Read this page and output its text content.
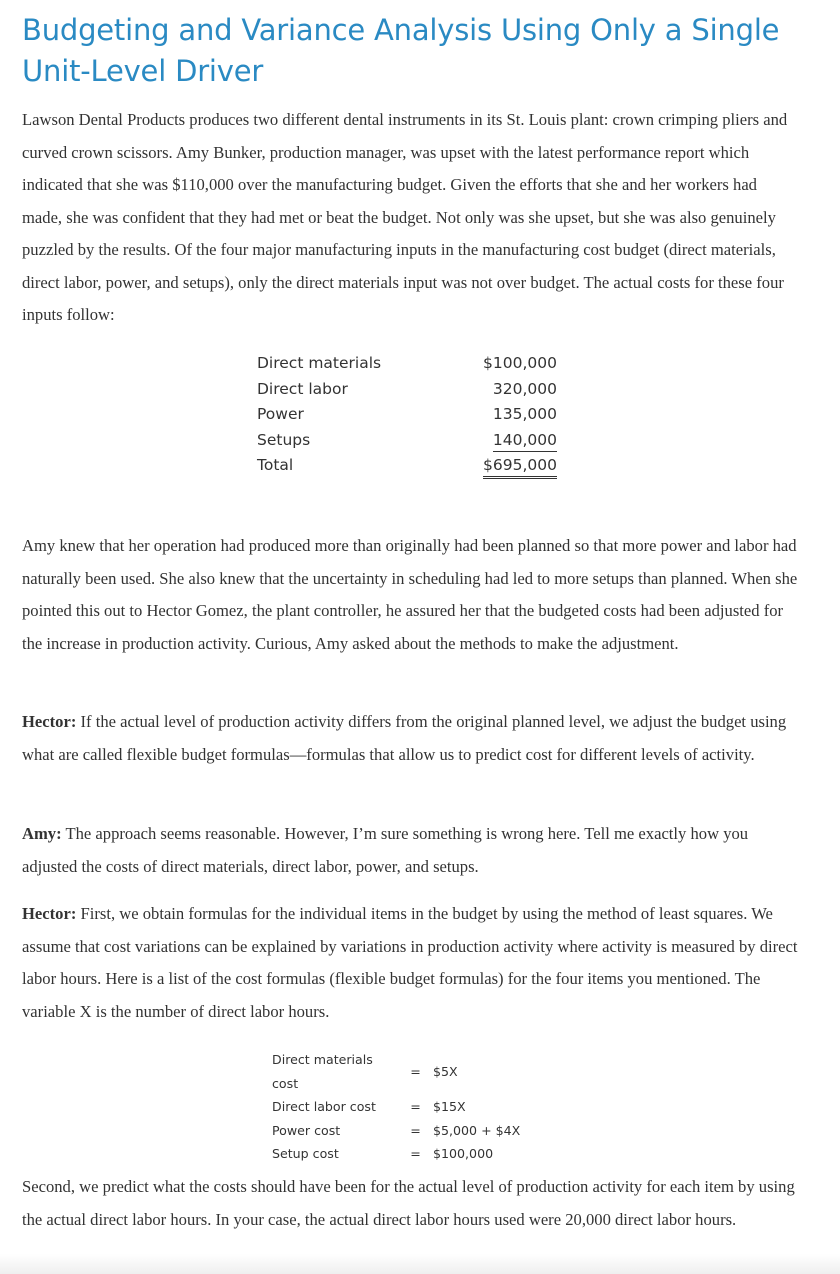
Budgeting and Variance Analysis Using Only a Single Unit-Level Driver

Lawson Dental Products produces two different dental instruments in its St. Louis plant: crown crimping pliers and curved crown scissors. Amy Bunker, production manager, was upset with the latest performance report which indicated that she was $110,000 over the manufacturing budget. Given the efforts that she and her workers had made, she was confident that they had met or beat the budget. Not only was she upset, but she was also genuinely puzzled by the results. Of the four major manufacturing inputs in the manufacturing cost budget (direct materials, direct labor, power, and setups), only the direct materials input was not over budget. The actual costs for these four inputs follow:

Direct materials	$100,000
Direct labor	320,000
Power	135,000
Setups	140,000
Total	$695,000

Amy knew that her operation had produced more than originally had been planned so that more power and labor had naturally been used. She also knew that the uncertainty in scheduling had led to more setups than planned. When she pointed this out to Hector Gomez, the plant controller, he assured her that the budgeted costs had been adjusted for the increase in production activity. Curious, Amy asked about the methods to make the adjustment.

Hector: If the actual level of production activity differs from the original planned level, we adjust the budget using what are called flexible budget formulas—formulas that allow us to predict cost for different levels of activity.

Amy: The approach seems reasonable. However, I’m sure something is wrong here. Tell me exactly how you adjusted the costs of direct materials, direct labor, power, and setups.

Hector: First, we obtain formulas for the individual items in the budget by using the method of least squares. We assume that cost variations can be explained by variations in production activity where activity is measured by direct labor hours. Here is a list of the cost formulas (flexible budget formulas) for the four items you mentioned. The variable X is the number of direct labor hours.

Direct materials cost	=	$5X
Direct labor cost	=	$15X
Power cost	=	$5,000 + $4X
Setup cost	=	$100,000

Second, we predict what the costs should have been for the actual level of production activity for each item by using the actual direct labor hours. In your case, the actual direct labor hours used were 20,000 direct labor hours.
